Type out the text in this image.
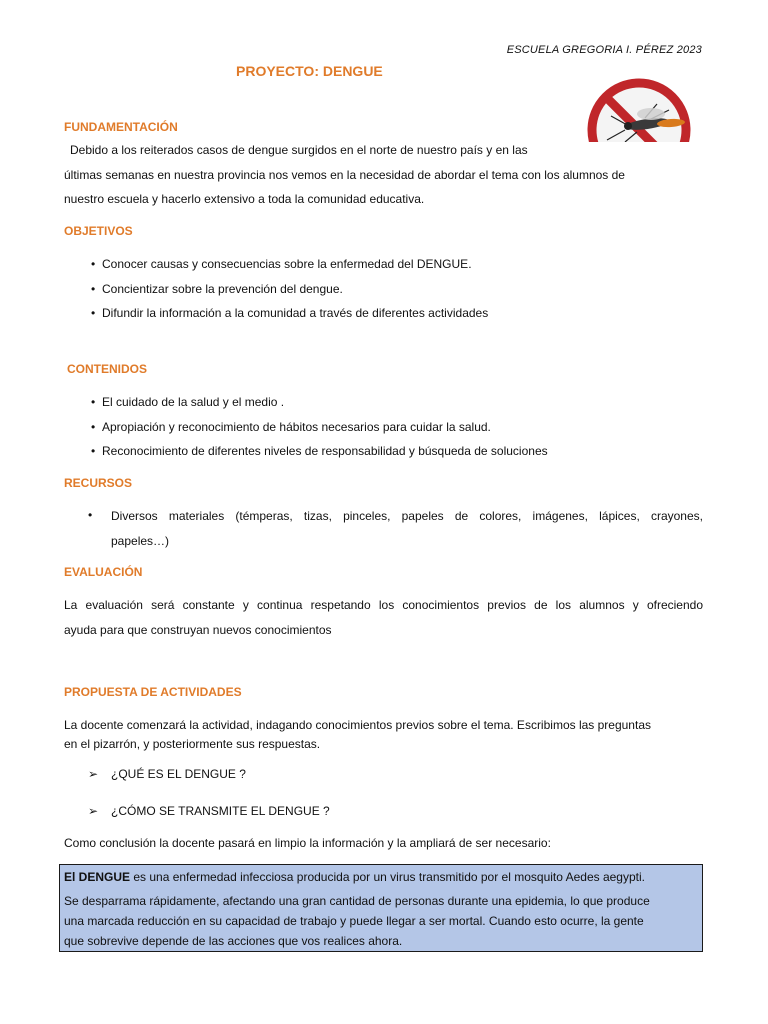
ESCUELA GREGORIA I. PÉREZ 2023
PROYECTO: DENGUE
FUNDAMENTACIÓN
Debido a los reiterados casos de dengue surgidos en el norte de nuestro país y en las
últimas semanas en nuestra provincia nos vemos en la necesidad de abordar el tema con los alumnos de
nuestro escuela y hacerlo extensivo a toda la comunidad educativa.
OBJETIVOS
• Conocer causas y consecuencias sobre la enfermedad del DENGUE.
• Concientizar sobre la prevención del dengue.
• Difundir la información a la comunidad a través de diferentes actividades
CONTENIDOS
• El cuidado de la salud y el medio .
• Apropiación y reconocimiento de hábitos necesarios para cuidar la salud.
• Reconocimiento de diferentes niveles de responsabilidad y búsqueda de soluciones
RECURSOS
• Diversos materiales (témperas, tizas, pinceles, papeles de colores, imágenes, lápices, crayones,
papeles…)
EVALUACIÓN
La evaluación será constante y continua respetando los conocimientos previos de los alumnos y ofreciendo
ayuda para que construyan nuevos conocimientos
PROPUESTA DE ACTIVIDADES
La docente comenzará la actividad, indagando conocimientos previos sobre el tema. Escribimos las preguntas
en el pizarrón, y posteriormente sus respuestas.
➢ ¿QUÉ ES EL DENGUE ?
➢ ¿CÓMO SE TRANSMITE EL DENGUE ?
Como conclusión la docente pasará en limpio la información y la ampliará de ser necesario:

El DENGUE es una enfermedad infecciosa producida por un virus transmitido por el mosquito Aedes aegypti.

Se desparrama rápidamente, afectando una gran cantidad de personas durante una epidemia, lo que produce

una marcada reducción en su capacidad de trabajo y puede llegar a ser mortal. Cuando esto ocurre, la gente

que sobrevive depende de las acciones que vos realices ahora.
